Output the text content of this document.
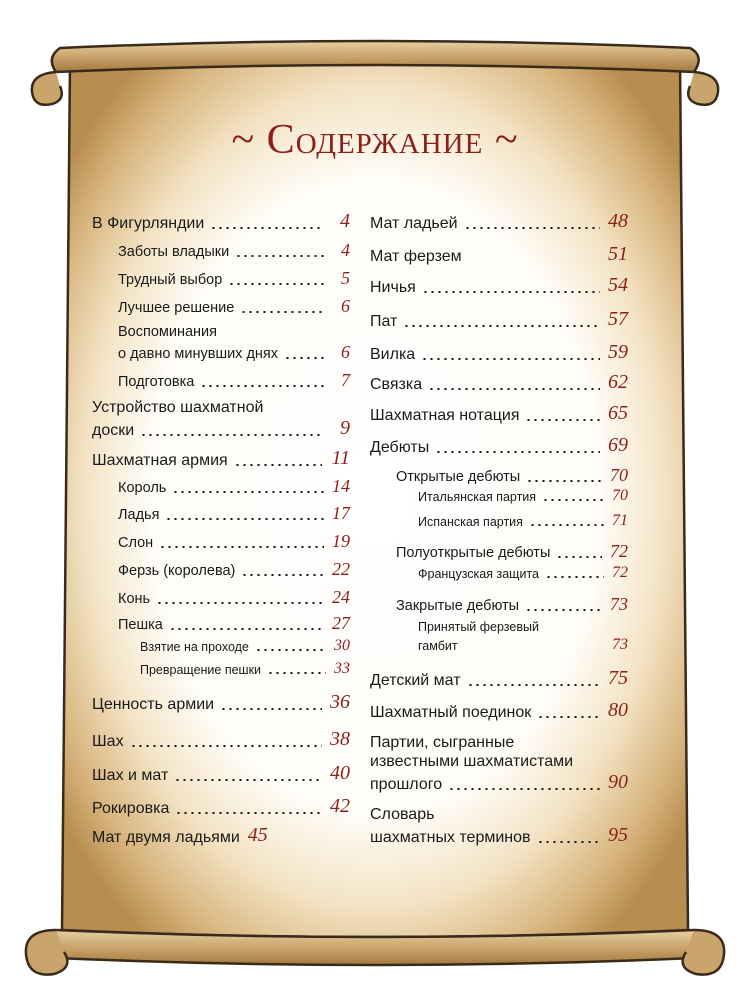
~ Содержание ~
В Фигурляндии	4
Заботы владыки	4
Трудный выбор	5
Лучшее решение	6
Воспоминания
о давно минувших днях	6
Подготовка	7
Устройство шахматной
доски	9
Шахматная армия	11
Король	14
Ладья	17
Слон	19
Ферзь (королева)	22
Конь	24
Пешка	27
Взятие на проходе	30
Превращение пешки	33
Ценность армии	36
Шах	38
Шах и мат	40
Рокировка	42
Мат двумя ладьями 45
Мат ладьей	48
Мат ферзем	51
Ничья	54
Пат	57
Вилка	59
Связка	62
Шахматная нотация	65
Дебюты	69
Открытые дебюты	70
Итальянская партия	70
Испанская партия	71
Полуоткрытые дебюты	72
Французская защита	72
Закрытые дебюты	73
Принятый ферзевый
гамбит	73
Детский мат	75
Шахматный поединок	80
Партии, сыгранные
известными шахматистами
прошлого	90
Словарь
шахматных терминов	95
